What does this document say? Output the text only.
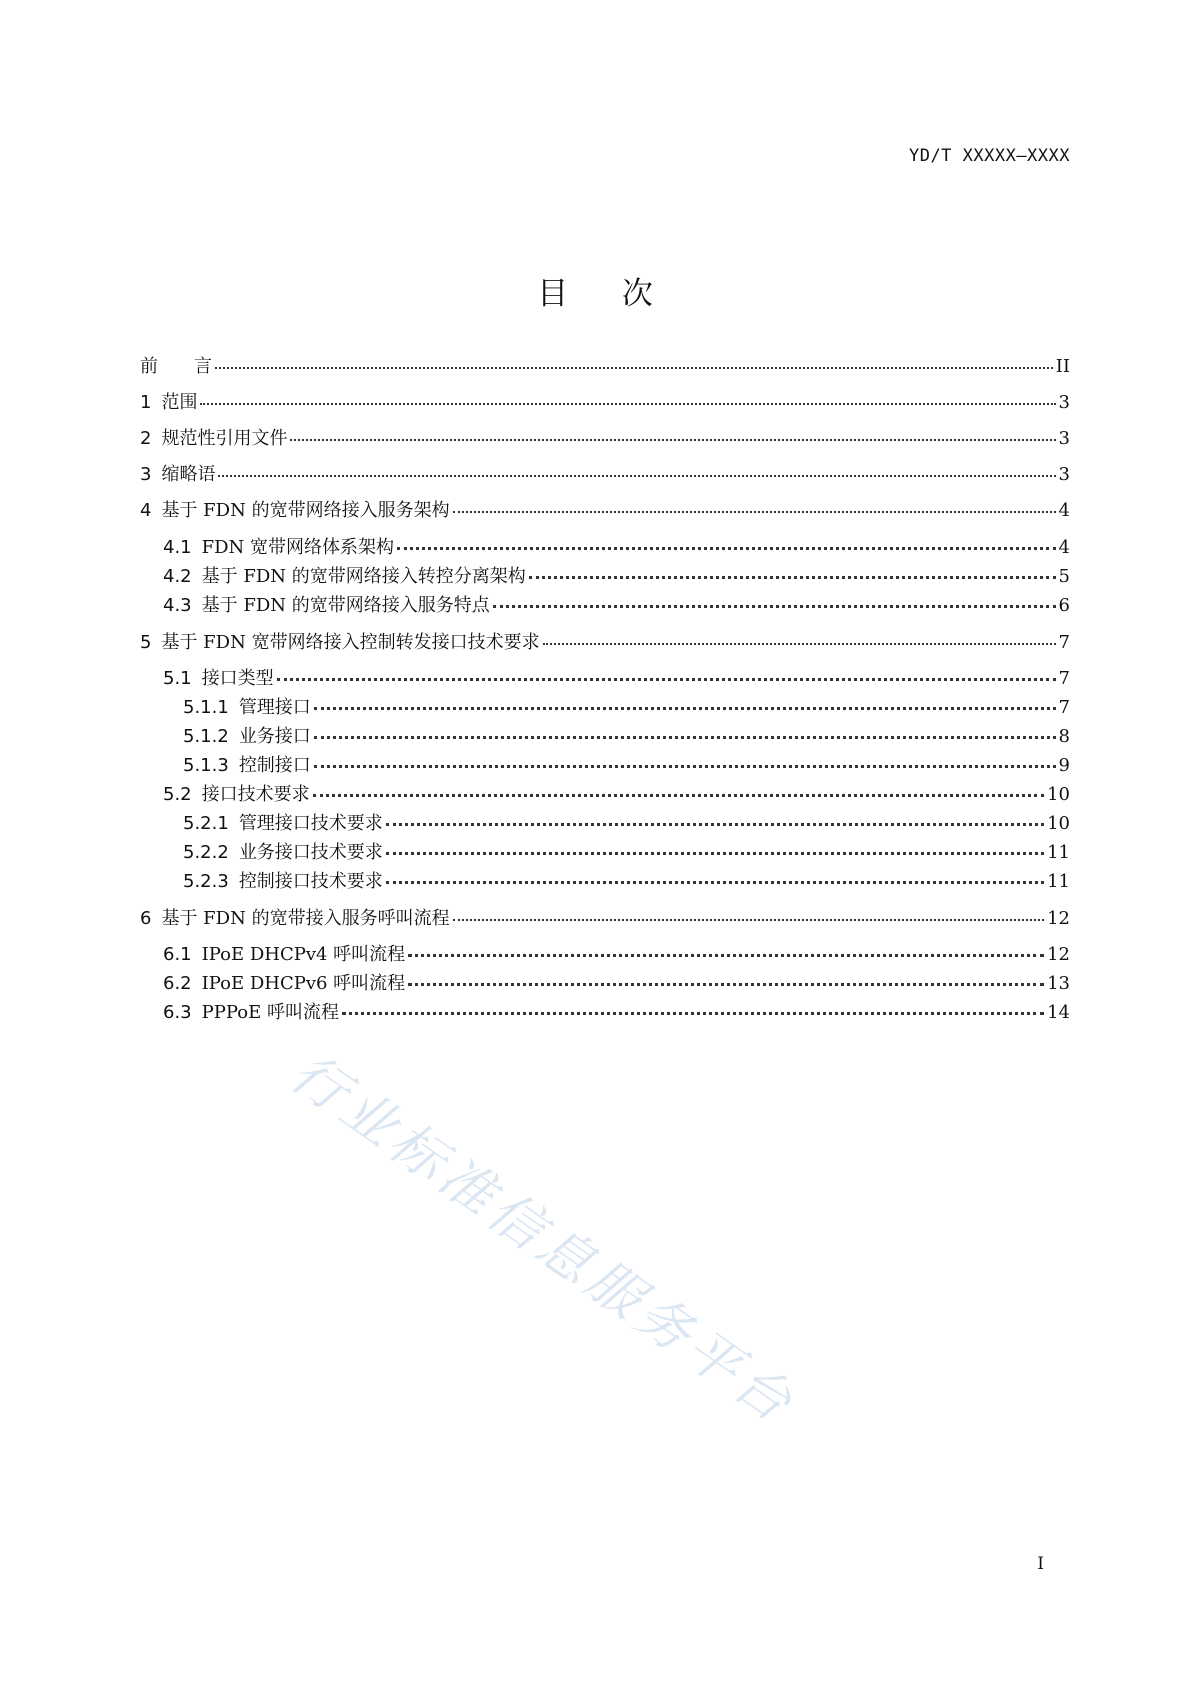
YD/T XXXXX—XXXX
目 次
前　　言	II
1 范围	3
2 规范性引用文件	3
3 缩略语	3
4 基于 FDN 的宽带网络接入服务架构	4
4.1 FDN 宽带网络体系架构	4
4.2 基于 FDN 的宽带网络接入转控分离架构	5
4.3 基于 FDN 的宽带网络接入服务特点	6
5 基于 FDN 宽带网络接入控制转发接口技术要求	7
5.1 接口类型	7
5.1.1 管理接口	7
5.1.2 业务接口	8
5.1.3 控制接口	9
5.2 接口技术要求	10
5.2.1 管理接口技术要求	10
5.2.2 业务接口技术要求	11
5.2.3 控制接口技术要求	11
6 基于 FDN 的宽带接入服务呼叫流程	12
6.1 IPoE DHCPv4 呼叫流程	12
6.2 IPoE DHCPv6 呼叫流程	13
6.3 PPPoE 呼叫流程	14
行业标准信息服务平台
I
